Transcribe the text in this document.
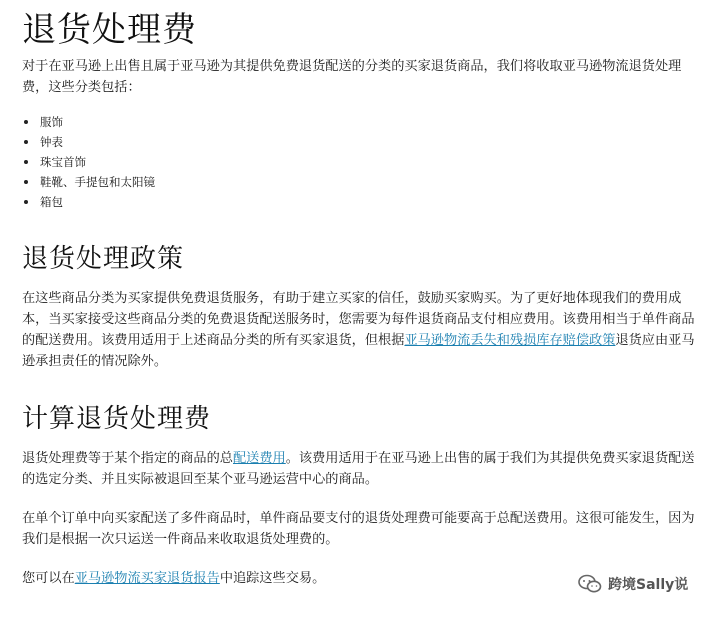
退货处理费

对于在亚马逊上出售且属于亚马逊为其提供免费退货配送的分类的买家退货商品，我们将收取亚马逊物流退货处理费，这些分类包括：

服饰
钟表
珠宝首饰
鞋靴、手提包和太阳镜
箱包
退货处理政策

在这些商品分类为买家提供免费退货服务，有助于建立买家的信任，鼓励买家购买。为了更好地体现我们的费用成本，当买家接受这些商品分类的免费退货配送服务时，您需要为每件退货商品支付相应费用。该费用相当于单件商品的配送费用。该费用适用于上述商品分类的所有买家退货，但根据亚马逊物流丢失和残损库存赔偿政策退货应由亚马逊承担责任的情况除外。

计算退货处理费

退货处理费等于某个指定的商品的总配送费用。该费用适用于在亚马逊上出售的属于我们为其提供免费买家退货配送的选定分类、并且实际被退回至某个亚马逊运营中心的商品。

在单个订单中向买家配送了多件商品时，单件商品要支付的退货处理费可能要高于总配送费用。这很可能发生，因为我们是根据一次只运送一件商品来收取退货处理费的。

您可以在亚马逊物流买家退货报告中追踪这些交易。	跨境Sally说
